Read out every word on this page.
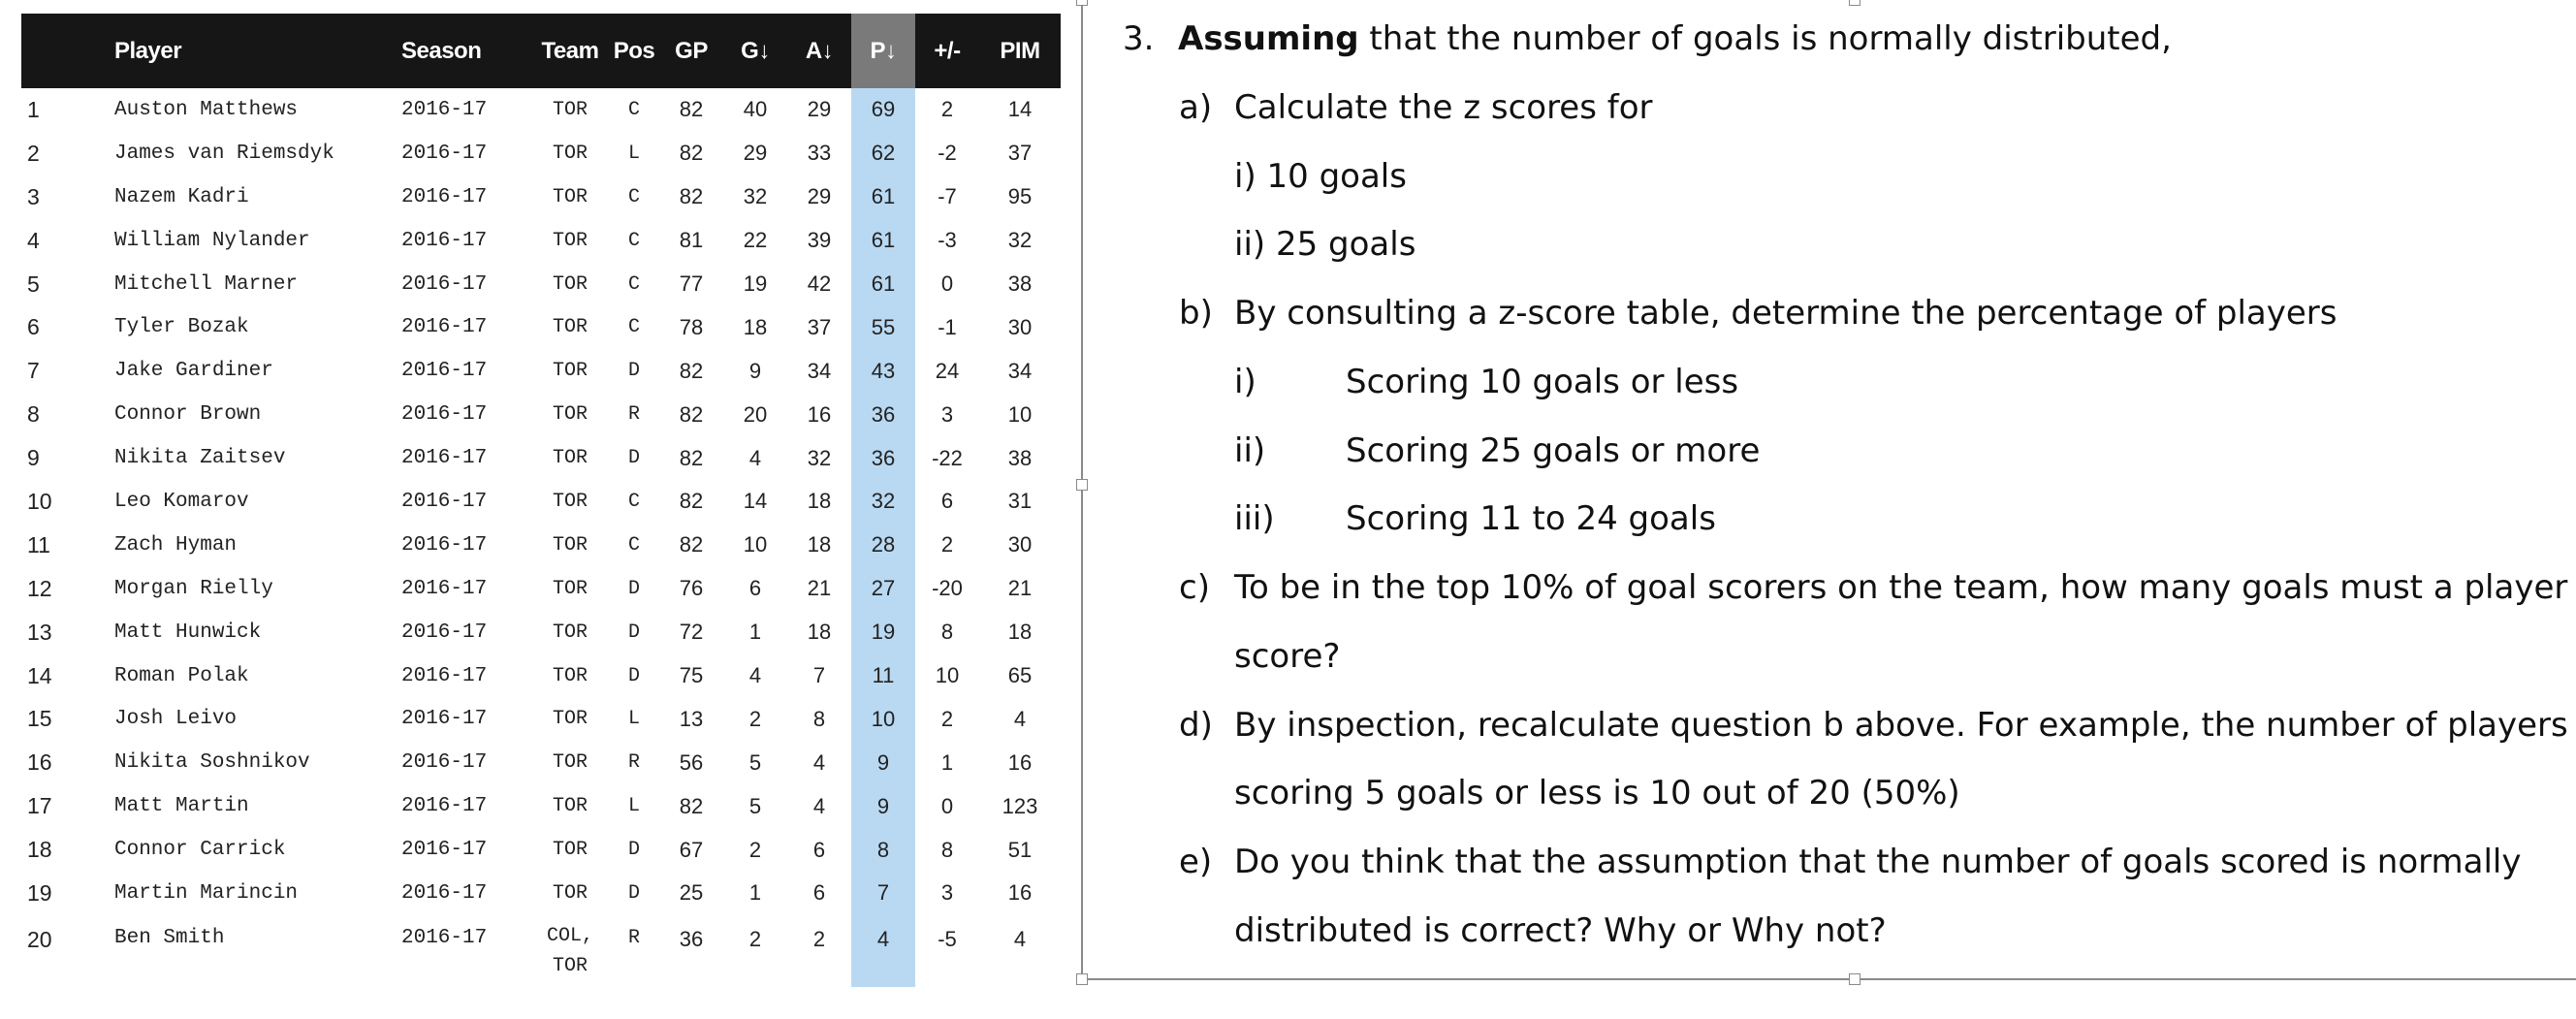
	Player	Season	Team	Pos	GP	G↓	A↓	P↓	+/-	PIM
1	Auston Matthews	2016-17	TOR	C	82	40	29	69	2	14
2	James van Riemsdyk	2016-17	TOR	L	82	29	33	62	-2	37
3	Nazem Kadri	2016-17	TOR	C	82	32	29	61	-7	95
4	William Nylander	2016-17	TOR	C	81	22	39	61	-3	32
5	Mitchell Marner	2016-17	TOR	C	77	19	42	61	0	38
6	Tyler Bozak	2016-17	TOR	C	78	18	37	55	-1	30
7	Jake Gardiner	2016-17	TOR	D	82	9	34	43	24	34
8	Connor Brown	2016-17	TOR	R	82	20	16	36	3	10
9	Nikita Zaitsev	2016-17	TOR	D	82	4	32	36	-22	38
10	Leo Komarov	2016-17	TOR	C	82	14	18	32	6	31
11	Zach Hyman	2016-17	TOR	C	82	10	18	28	2	30
12	Morgan Rielly	2016-17	TOR	D	76	6	21	27	-20	21
13	Matt Hunwick	2016-17	TOR	D	72	1	18	19	8	18
14	Roman Polak	2016-17	TOR	D	75	4	7	11	10	65
15	Josh Leivo	2016-17	TOR	L	13	2	8	10	2	4
16	Nikita Soshnikov	2016-17	TOR	R	56	5	4	9	1	16
17	Matt Martin	2016-17	TOR	L	82	5	4	9	0	123
18	Connor Carrick	2016-17	TOR	D	67	2	6	8	8	51
19	Martin Marincin	2016-17	TOR	D	25	1	6	7	3	16
20	Ben Smith	2016-17	COL,
TOR	R	36	2	2	4	-5	4
3. Assuming that the number of goals is normally distributed,
a) Calculate the z scores for
i) 10 goals
ii) 25 goals
b) By consulting a z-score table, determine the percentage of players
i)	Scoring 10 goals or less
ii) Scoring 25 goals or more
iii) Scoring 11 to 24 goals
c) To be in the top 10% of goal scorers on the team, how many goals must a player
score?
d) By inspection, recalculate question b above. For example, the number of players
scoring 5 goals or less is 10 out of 20 (50%)
e) Do you think that the assumption that the number of goals scored is normally
distributed is correct? Why or Why not?
